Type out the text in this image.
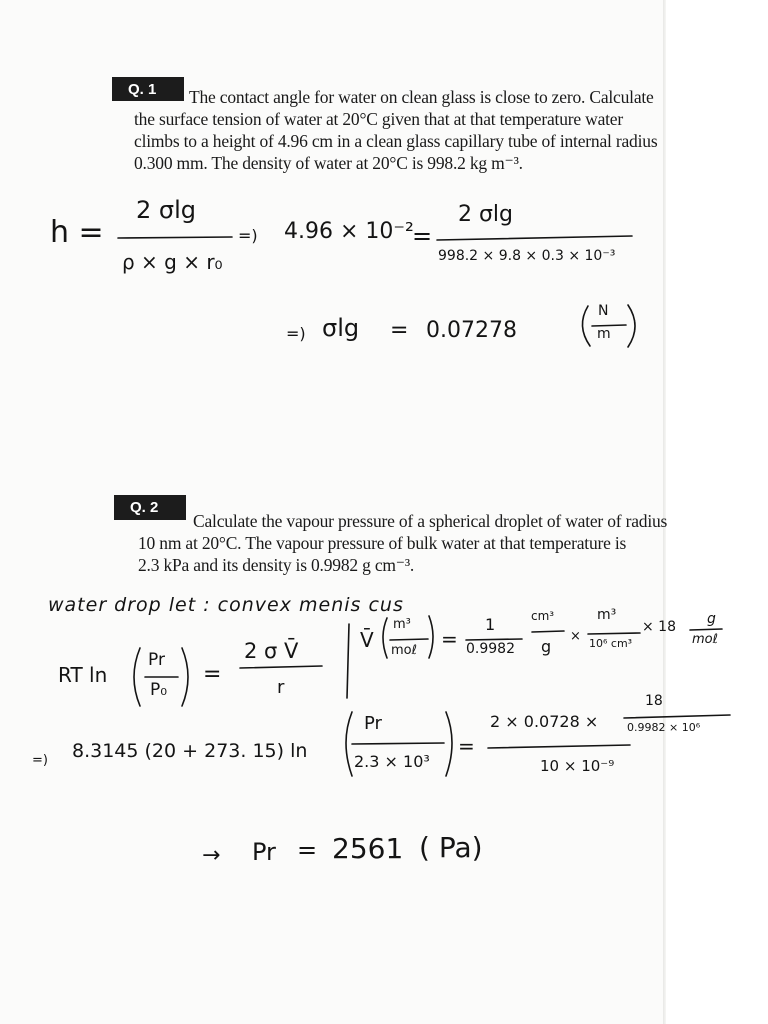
Q. 1	The contact angle for water on clean glass is close to zero. Calculate
the surface tension of water at 20°C given that at that temperature water
climbs to a height of 4.96 cm in a clean glass capillary tube of internal radius
0.300 mm. The density of water at 20°C is 998.2 kg m⁻³.
h =
2 σlg
ρ × g × r₀
=) 4.96 × 10⁻²
=
2 σlg
998.2 × 9.8 × 0.3 × 10⁻³
=) σlg = 0.07278
N
m
Q. 2
Calculate the vapour pressure of a spherical droplet of water of radius
10 nm at 20°C. The vapour pressure of bulk water at that temperature is
2.3 kPa and its density is 0.9982 g cm⁻³.
water drop let : convex menis cus
RT ln
Pr
P₀
=
2 σ V̄
r
V̄
m³
moℓ =
1
0.9982
cm³
g
×
m³
10⁶ cm³
× 18 g
moℓ
=) 8.3145 (20 + 273. 15) ln
Pr
2.3 × 10³
=
2 × 0.0728 ×
18
0.9982 × 10⁶
10 × 10⁻⁹
→ Pr = 2561 ( Pa)
